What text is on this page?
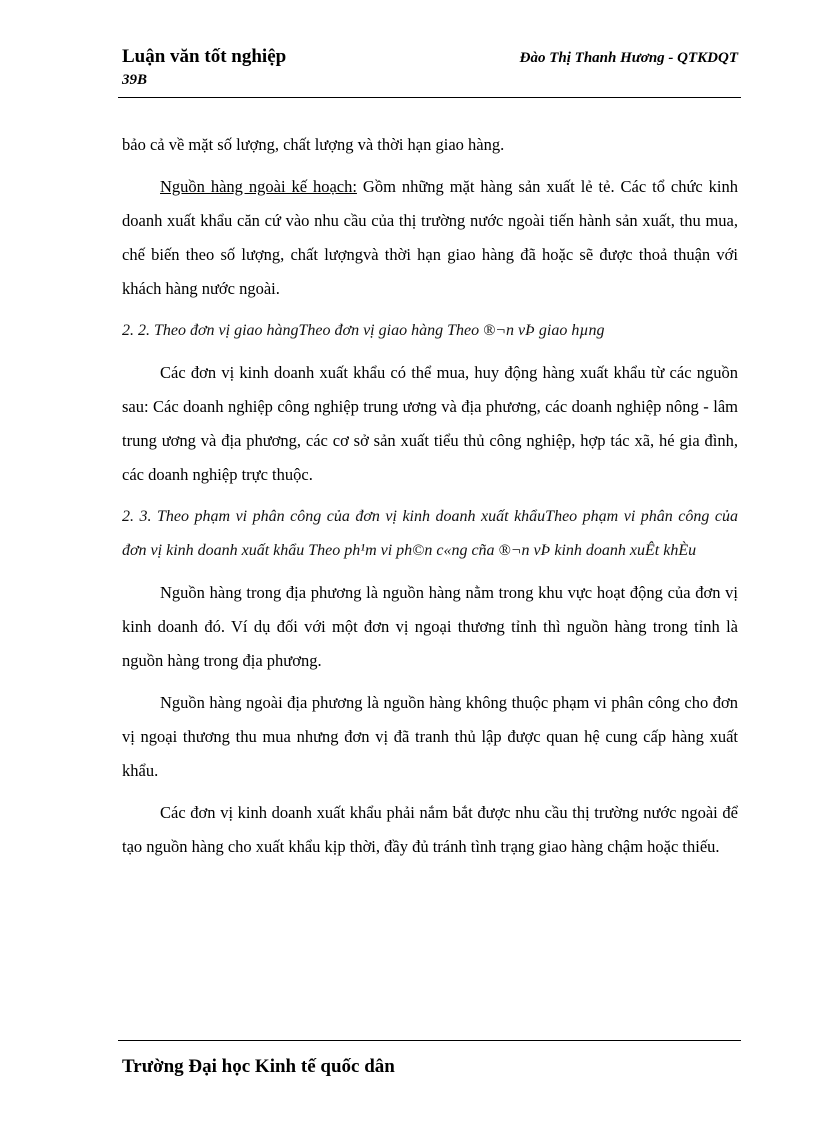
Luận văn tốt nghiệp
39B
Đào Thị Thanh Hương - QTKDQT

bảo cả về mặt số lượng, chất lượng và thời hạn giao hàng.

Nguồn hàng ngoài kế hoạch: Gồm những mặt hàng sản xuất lẻ tẻ. Các tổ chức kinh doanh xuất khẩu căn cứ vào nhu cầu của thị trường nước ngoài tiến hành sản xuất, thu mua, chế biến theo số lượng, chất lượngvà thời hạn giao hàng đã hoặc sẽ được thoả thuận với khách hàng nước ngoài.

2. 2. Theo đơn vị giao hàngTheo đơn vị giao hàng Theo ®¬n vÞ giao hµng

Các đơn vị kinh doanh xuất khẩu có thể mua, huy động hàng xuất khẩu từ các nguồn sau: Các doanh nghiệp công nghiệp trung ương và địa phương, các doanh nghiệp nông - lâm trung ương và địa phương, các cơ sở sản xuất tiểu thủ công nghiệp, hợp tác xã, hé gia đình, các doanh nghiệp trực thuộc.

2. 3. Theo phạm vi phân công của đơn vị kinh doanh xuất khẩuTheo phạm vi phân công của đơn vị kinh doanh xuất khẩu Theo ph¹m vi ph©n c«ng cña ®¬n vÞ kinh doanh xuÊt khÈu

Nguồn hàng trong địa phương là nguồn hàng nằm trong khu vực hoạt động của đơn vị kinh doanh đó. Ví dụ đối với một đơn vị ngoại thương tỉnh thì nguồn hàng trong tỉnh là nguồn hàng trong địa phương.

Nguồn hàng ngoài địa phương là nguồn hàng không thuộc phạm vi phân công cho đơn vị ngoại thương thu mua nhưng đơn vị đã tranh thủ lập được quan hệ cung cấp hàng xuất khẩu.

Các đơn vị kinh doanh xuất khẩu phải nắm bắt được nhu cầu thị trường nước ngoài để tạo nguồn hàng cho xuất khẩu kịp thời, đầy đủ tránh tình trạng giao hàng chậm hoặc thiếu.

Trường Đại học Kinh tế quốc dân
